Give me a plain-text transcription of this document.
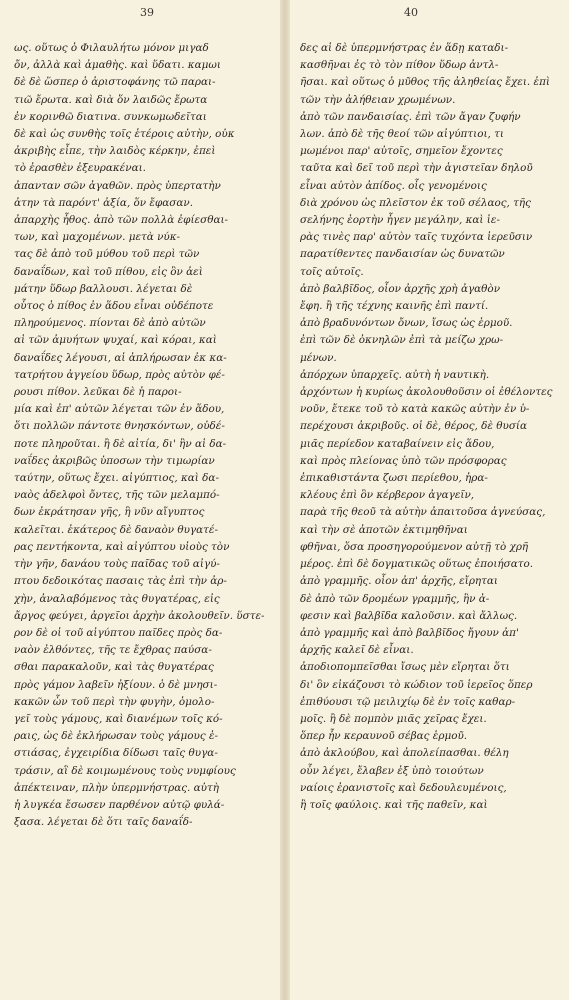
39	40
ως. οὕτως ὁ Φιλαυλήτω μόνον μιγαδ
ὄν, ἀλλὰ καὶ ἀμαθὴς. καὶ ὕδατι. καμωι
δὲ δὲ ὥσπερ ὁ ἀριστοφάνης τῶ παραι-
τιῶ ἔρωτα. καὶ διὰ ὅν λαιδῶς ἔρωτα
ἐν κορινθῶ διατινα. συνκωμωδεῖται
δὲ καὶ ὡς συνθὴς τοῖς ἑτέροις αὐτὴν, οὐκ
ἀκριβὴς εἶπε, τὴν λαιδὸς κέρκην, ἐπεὶ
τὸ ἐρασθὲν ἐξευρακέναι.
ἀπανταν σῶν ἀγαθῶν. πρὸς ὑπερτατὴν
ἀτην τὰ παρόντ' ἀξία, ὅν ἔφασαν.
ἀπαρχὴς ἦθος. ἀπὸ τῶν πολλὰ ἐφίεσθαι-
των, καὶ μαχομένων. μετὰ νύκ-
τας δὲ ἀπὸ τοῦ μύθου τοῦ περὶ τῶν
δαναΐδων, καὶ τοῦ πίθου, εἰς ὃν ἀεὶ
μάτην ὕδωρ βαλλουσι. λέγεται δὲ
οὗτος ὁ πίθος ἐν ἅδου εἶναι οὐδέποτε
πληρούμενος. πίονται δὲ ἀπὸ αὐτῶν
αἱ τῶν ἀμυήτων ψυχαί, καὶ κόραι, καὶ
δαναΐδες λέγουσι, αἱ ἀπλήρωσαν ἐκ κα-
τατρήτου ἀγγείου ὕδωρ, πρὸς αὐτὸν φέ-
ρουσι πίθον. λεῦκαι δὲ ἡ παροι-
μία καὶ ἐπ' αὐτῶν λέγεται τῶν ἐν ἅδου,
ὅτι πολλῶν πάντοτε θνησκόντων, οὐδέ-
ποτε πληροῦται. ἢ δὲ αἰτία, δι' ἣν αἱ δα-
ναΐδες ἀκριβῶς ὑποσων τὴν τιμωρίαν
ταύτην, οὕτως ἔχει. αἰγύπτιος, καὶ δα-
ναὸς ἀδελφοὶ ὄντες, τῆς τῶν μελαμπό-
δων ἐκράτησαν γῆς, ἣ νῦν αἴγυπτος
καλεῖται. ἑκάτερος δὲ δαναὸν θυγατέ-
ρας πεντήκοντα, καὶ αἰγύπτου υἱοὺς τὸν
τὴν γῆν, δανάου τοὺς παῖδας τοῦ αἰγύ-
πτου δεδοικότας πασαις τὰς ἐπὶ τὴν ἀρ-
χὴν, ἀναλαβόμενος τὰς θυγατέρας, εἰς
ἄργος φεύγει, ἀργεῖοι ἀρχὴν ἀκολουθεῖν. ὕστε-
ρον δὲ οἱ τοῦ αἰγύπτου παῖδες πρὸς δα-
ναὸν ἐλθόντες, τῆς τε ἔχθρας παύσα-
σθαι παρακαλοῦν, καὶ τὰς θυγατέρας
πρὸς γάμον λαβεῖν ἠξίουν. ὁ δὲ μνησι-
κακῶν ὧν τοῦ περὶ τὴν φυγὴν, ὁμολο-
γεῖ τοὺς γάμους, καὶ διανέμων τοῖς κό-
ραις, ὡς δὲ ἐκλήρωσαν τοὺς γάμους ἐ-
στιάσας, ἐγχειρίδια δίδωσι ταῖς θυγα-
τράσιν, αἳ δὲ κοιμωμένους τοὺς νυμφίους
ἀπέκτειναν, πλὴν ὑπερμνήστρας. αὐτὴ
ἡ λυγκέα ἔσωσεν παρθένον αὐτῷ φυλά-
ξασα. λέγεται δὲ ὅτι ταῖς δαναΐδ-
δες αἱ δὲ ὑπερμνήστρας ἐν ἅδῃ καταδι-
κασθῆναι ἐς τὸ τὸν πίθον ὕδωρ ἀντλ-
ῆσαι. καὶ οὕτως ὁ μῦθος τῆς ἀληθείας ἔχει. ἐπὶ
τῶν τὴν ἀλήθειαν χρωμένων.
ἀπὸ τῶν πανδαισίας. ἐπὶ τῶν ἄγαν ζυφήν
λων. ἀπὸ δὲ τῆς θεοί τῶν αἰγύπτιοι, τι
μωμένοι παρ' αὐτοῖς, σημεῖον ἔχοντες
ταῦτα καὶ δεῖ τοῦ περὶ τὴν ἁγιστεῖαν δηλοῦ
εἶναι αὐτὸν ἀπίδος. οἷς γενομένοις
διὰ χρόνου ὡς πλεῖστον ἐκ τοῦ σέλαος, τῆς
σελήνης ἑορτὴν ἦγεν μεγάλην, καὶ ἱε-
ρὰς τινὲς παρ' αὐτὸν ταῖς τυχόντα ἱερεῦσιν
παρατίθεντες πανδαισίαν ὡς δυνατῶν
τοῖς αὐτοῖς.
ἀπὸ βαλβῖδος, οἷον ἀρχῆς χρὴ ἀγαθὸν
ἔφη. ἢ τῆς τέχνης καινῆς ἐπὶ παντί.
ἀπὸ βραδυνόντων ὄνων, ἴσως ὡς ἑρμοῦ.
ἐπὶ τῶν δὲ ὀκνηλῶν ἐπὶ τὰ μείζω χρω-
μένων.
ἀπόρχων ὑπαρχεῖς. αὐτὴ ἡ ναυτικὴ.
ἀρχόντων ἡ κυρίως ἀκολουθοῦσιν οἱ ἐθέλοντες
νοῦν, ἔτεκε τοῦ τὸ κατὰ κακῶς αὐτὴν ἐν ὑ-
περέχουσι ἀκριβοῦς. οἱ δὲ, θέρος, δὲ θυσία
μιᾶς περίεδον καταβαίνειν εἰς ἅδου,
καὶ πρὸς πλείονας ὑπὸ τῶν πρόσφορας
ἐπικαθιστάντα ζωσι περίεθου, ἡρα-
κλέους ἐπὶ ὃν κέρβερον ἀγαγεῖν,
παρὰ τῆς θεοῦ τὰ αὐτὴν ἀπαιτοῦσα ἀγνεύσας,
καὶ τὴν σὲ ἀποτῶν ἐκτιμηθῆναι
φθῆναι, ὅσα προσηγορούμενον αὐτῇ τὸ χρῆ
μέρος. ἐπὶ δὲ δογματικῶς οὕτως ἐποιήσατο.
ἀπὸ γραμμῆς. οἷον ἀπ' ἀρχῆς, εἴρηται
δὲ ἀπὸ τῶν δρομέων γραμμῆς, ἣν ἀ-
φεσιν καὶ βαλβῖδα καλοῦσιν. καὶ ἄλλως.
ἀπὸ γραμμῆς καὶ ἀπὸ βαλβῖδος ἤγουν ἀπ'
ἀρχῆς καλεῖ δὲ εἶναι.
ἀποδιοπομπεῖσθαι ἴσως μὲν εἴρηται ὅτι
δι' ὃν εἰκάζουσι τὸ κώδιον τοῦ ἱερεῖος ὅπερ
ἐπιθύουσι τῷ μειλιχίῳ δὲ ἐν τοῖς καθαρ-
μοῖς. ἢ δὲ πομπὸν μιᾶς χεῖρας ἔχει.
ὅπερ ἦν κεραυνοῦ σέβας ἑρμοῦ.
ἀπὸ ἀκλούβου, καὶ ἀπολείπασθαι. θέλη
οὖν λέγει, ἔλαβεν ἐξ ὑπὸ τοιούτων
ναίοις ἐρανιστοῖς καὶ δεδουλευμένοις,
ἢ τοῖς φαύλοις. καὶ τῆς παθεῖν, καὶ
